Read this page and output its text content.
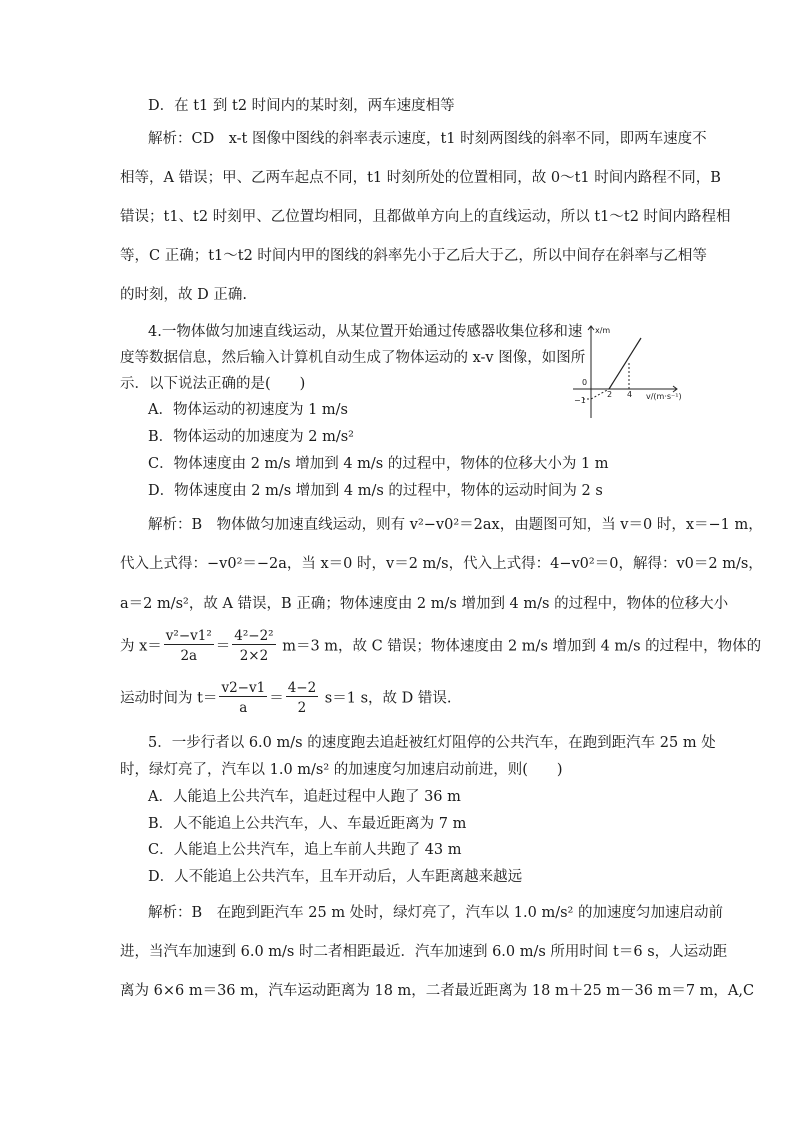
D．在 t1 到 t2 时间内的某时刻，两车速度相等
解析：CD　x-t 图像中图线的斜率表示速度，t1 时刻两图线的斜率不同，即两车速度不
相等，A 错误；甲、乙两车起点不同，t1 时刻所处的位置相同，故 0～t1 时间内路程不同，B
错误；t1、t2 时刻甲、乙位置均相同，且都做单方向上的直线运动，所以 t1～t2 时间内路程相
等，C 正确；t1～t2 时间内甲的图线的斜率先小于乙后大于乙，所以中间存在斜率与乙相等
的时刻，故 D 正确.
4.一物体做匀加速直线运动，从某位置开始通过传感器收集位移和速
度等数据信息，然后输入计算机自动生成了物体运动的 x-v 图像，如图所
示．以下说法正确的是(　　)
x/m
v/(m·s⁻¹)
0
−1
2 4
A．物体运动的初速度为 1 m/s
B．物体运动的加速度为 2 m/s²
C．物体速度由 2 m/s 增加到 4 m/s 的过程中，物体的位移大小为 1 m
D．物体速度由 2 m/s 增加到 4 m/s 的过程中，物体的运动时间为 2 s
解析：B　物体做匀加速直线运动，则有 v²−v0²＝2ax，由题图可知，当 v＝0 时，x＝−1 m，
代入上式得：−v0²＝−2a，当 x＝0 时，v＝2 m/s，代入上式得：4−v0²＝0，解得：v0＝2 m/s，
a＝2 m/s²，故 A 错误，B 正确；物体速度由 2 m/s 增加到 4 m/s 的过程中，物体的位移大小
为 $x= \frac{\text{v²−v1²}}{2a} = \frac{\text{4²−2²}}{2\times 2} m=3$ m，故 C 错误；物体速度由 2 m/s 增加到 4 m/s 的过程中，物体的
运动时间为 $t= \frac{v2-v1}{a} = \frac{4-2}{2} s=1$ s，故 D 错误.
5．一步行者以 6.0 m/s 的速度跑去追赶被红灯阻停的公共汽车，在跑到距汽车 25 m 处
时，绿灯亮了，汽车以 1.0 m/s² 的加速度匀加速启动前进，则(　　)
A．人能追上公共汽车，追赶过程中人跑了 36 m
B．人不能追上公共汽车，人、车最近距离为 7 m
C．人能追上公共汽车，追上车前人共跑了 43 m
D．人不能追上公共汽车，且车开动后，人车距离越来越远
解析：B　在跑到距汽车 25 m 处时，绿灯亮了，汽车以 1.0 m/s² 的加速度匀加速启动前
进，当汽车加速到 6.0 m/s 时二者相距最近．汽车加速到 6.0 m/s 所用时间 t＝6 s，人运动距
离为 6×6 m＝36 m，汽车运动距离为 18 m，二者最近距离为 18 m＋25 m－36 m＝7 m，A,C
